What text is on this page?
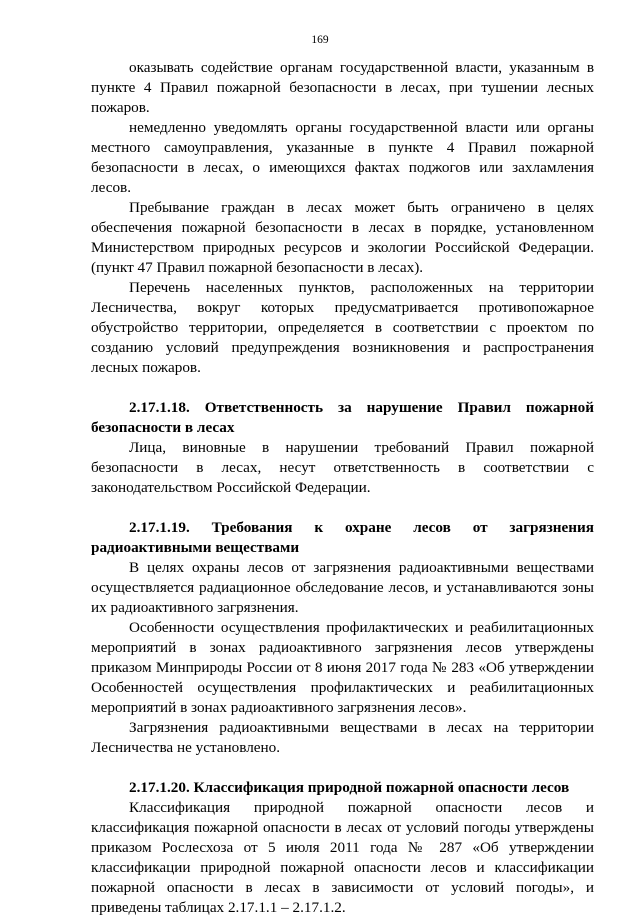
169

оказывать содействие органам государственной власти, указанным в пункте 4 Правил пожарной безопасности в лесах, при тушении лесных пожаров.

немедленно уведомлять органы государственной власти или органы местного самоуправления, указанные в пункте 4 Правил пожарной безопасности в лесах, о имеющихся фактах поджогов или захламления лесов.

Пребывание граждан в лесах может быть ограничено в целях обеспечения пожарной безопасности в лесах в порядке, установленном Министерством природных ресурсов и экологии Российской Федерации. (пункт 47 Правил пожарной безопасности в лесах).

Перечень населенных пунктов, расположенных на территории Лесничества, вокруг которых предусматривается противопожарное обустройство территории, определяется в соответствии с проектом по созданию условий предупреждения возникновения и распространения лесных пожаров.

2.17.1.18. Ответственность за нарушение Правил пожарной безопасности в лесах

Лица, виновные в нарушении требований Правил пожарной безопасности в лесах, несут ответственность в соответствии с законодательством Российской Федерации.

2.17.1.19. Требования к охране лесов от загрязнения радиоактивными веществами

В целях охраны лесов от загрязнения радиоактивными веществами осуществляется радиационное обследование лесов, и устанавливаются зоны их радиоактивного загрязнения.

Особенности осуществления профилактических и реабилитационных мероприятий в зонах радиоактивного загрязнения лесов утверждены приказом Минприроды России от 8 июня 2017 года № 283 «Об утверждении Особенностей осуществления профилактических и реабилитационных мероприятий в зонах радиоактивного загрязнения лесов».

Загрязнения радиоактивными веществами в лесах на территории Лесничества не установлено.

2.17.1.20. Классификация природной пожарной опасности лесов

Классификация природной пожарной опасности лесов и классификация пожарной опасности в лесах от условий погоды утверждены приказом Рослесхоза от 5 июля 2011 года № 287 «Об утверждении классификации природной пожарной опасности лесов и классификации пожарной опасности в лесах в зависимости от условий погоды», и приведены таблицах 2.17.1.1 – 2.17.1.2.
